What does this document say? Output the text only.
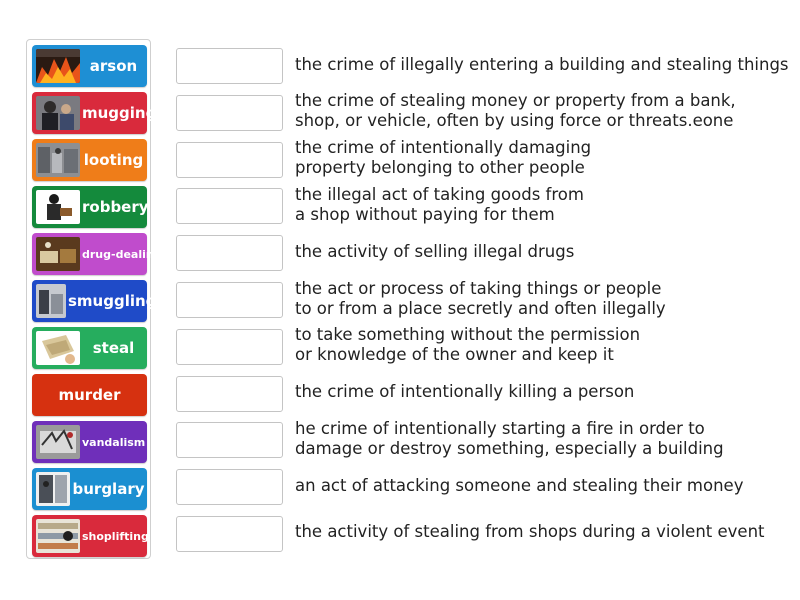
arson
mugging
looting
robbery
drug-dealing
smuggling
steal
murder
vandalism
burglary
shoplifting
the crime of illegally entering a building and stealing things
the crime of stealing money or property from a bank,
shop, or vehicle, often by using force or threats.eone
the crime of intentionally damaging
property belonging to other people
the illegal act of taking goods from
a shop without paying for them
the activity of selling illegal drugs
the act or process of taking things or people
to or from a place secretly and often illegally
to take something without the permission
or knowledge of the owner and keep it
the crime of intentionally killing a person
he crime of intentionally starting a fire in order to
damage or destroy something, especially a building
an act of attacking someone and stealing their money
the activity of stealing from shops during a violent event
